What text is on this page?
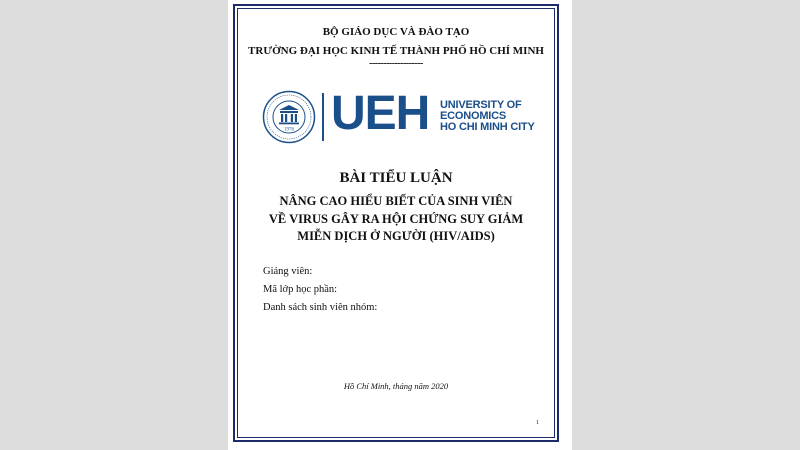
BỘ GIÁO DỤC VÀ ĐÀO TẠO
TRƯỜNG ĐẠI HỌC KINH TẾ THÀNH PHỐ HỒ CHÍ MINH
-------------------
1976 UEH UNIVERSITY OF
ECONOMICS
HO CHI MINH CITY
BÀI TIỂU LUẬN
NÂNG CAO HIỂU BIẾT CỦA SINH VIÊN
VỀ VIRUS GÂY RA HỘI CHỨNG SUY GIẢM
MIỄN DỊCH Ở NGƯỜI (HIV/AIDS)
Giảng viên:
Mã lớp học phần:
Danh sách sinh viên nhóm:
Hồ Chí Minh, tháng năm 2020
1
